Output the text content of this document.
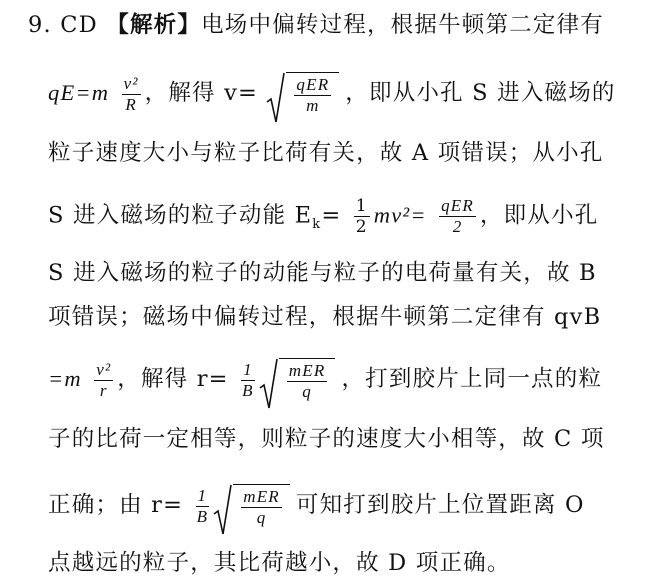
9. CD 【解析】电场中偏转过程，根据牛顿第二定律有
$qE=m \frac{\text{v²}}{R}$ ，解得 $v= \frac{\text{qER}}{m}$ ，即从小孔 S 进入磁场的
粒子速度大小与粒子比荷有关，故 A 项错误；从小孔
S 进入磁场的粒子动能 $E_k= \frac{1}{2} mv^2= \frac{\text{qER}}{2}$ ，即从小孔
S 进入磁场的粒子的动能与粒子的电荷量有关，故 B
项错误；磁场中偏转过程，根据牛顿第二定律有 qvB
$=m \frac{\text{v²}}{r}$ ，解得 $r= \frac{1}{B} \frac{\text{mER}}{q}$ ，打到胶片上同一点的粒
子的比荷一定相等，则粒子的速度大小相等，故 C 项
正确；由 $r= \frac{1}{B} \frac{\text{mER}}{q}$ 可知打到胶片上位置距离 O
点越远的粒子，其比荷越小，故 D 项正确。
